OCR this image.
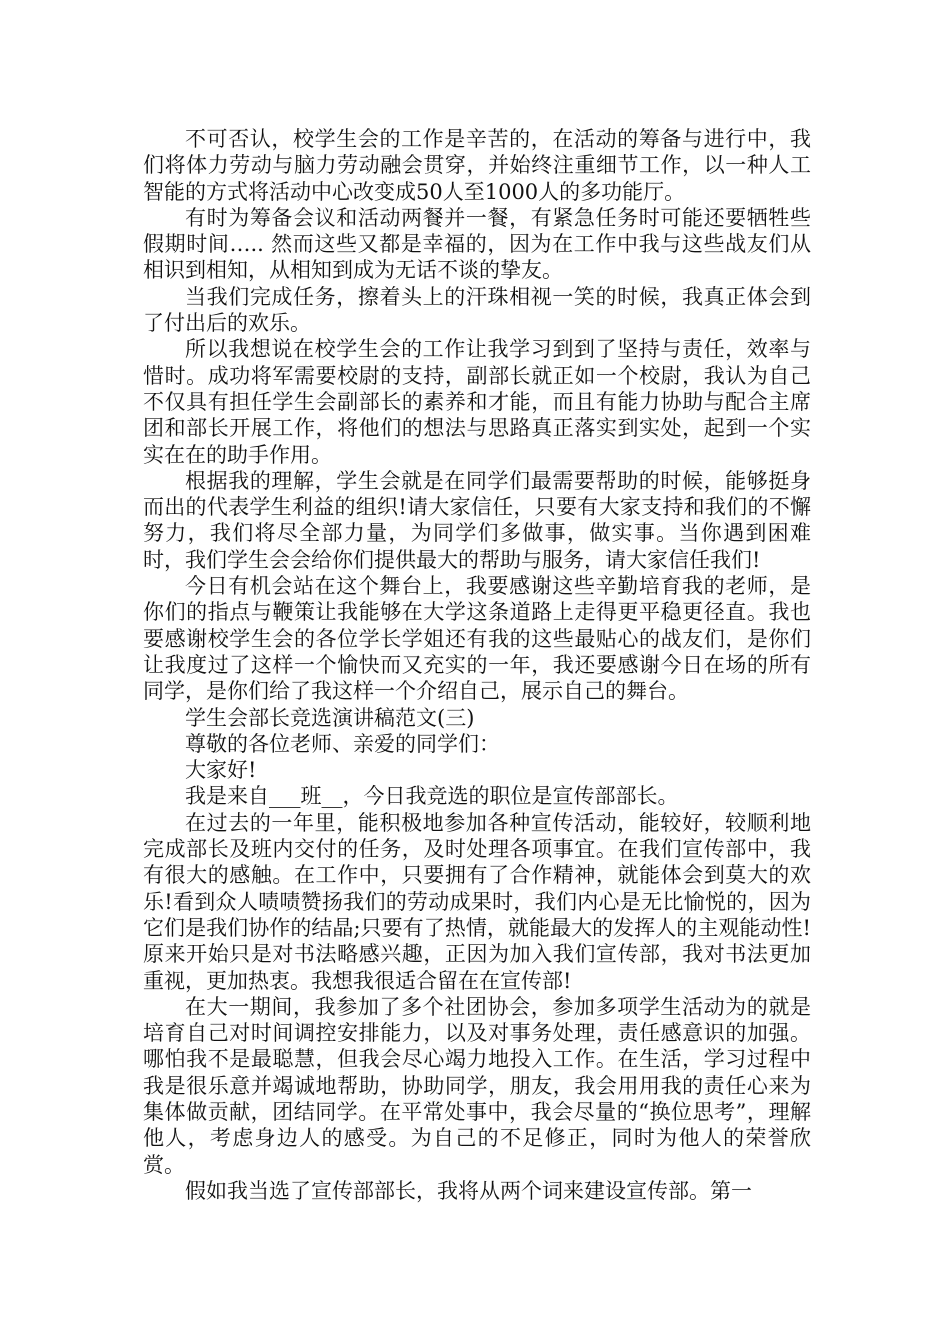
不可否认，校学生会的工作是辛苦的，在活动的筹备与进行中，我们将体力劳动与脑力劳动融会贯穿，并始终注重细节工作，以一种人工智能的方式将活动中心改变成50人至1000人的多功能厅。

有时为筹备会议和活动两餐并一餐，有紧急任务时可能还要牺牲些假期时间….. 然而这些又都是幸福的，因为在工作中我与这些战友们从相识到相知，从相知到成为无话不谈的挚友。

当我们完成任务，擦着头上的汗珠相视一笑的时候，我真正体会到了付出后的欢乐。

所以我想说在校学生会的工作让我学习到到了坚持与责任，效率与惜时。成功将军需要校尉的支持，副部长就正如一个校尉，我认为自己不仅具有担任学生会副部长的素养和才能，而且有能力协助与配合主席团和部长开展工作，将他们的想法与思路真正落实到实处，起到一个实实在在的助手作用。

根据我的理解，学生会就是在同学们最需要帮助的时候，能够挺身而出的代表学生利益的组织!请大家信任，只要有大家支持和我们的不懈努力，我们将尽全部力量，为同学们多做事，做实事。当你遇到困难时，我们学生会会给你们提供最大的帮助与服务，请大家信任我们!

今日有机会站在这个舞台上，我要感谢这些辛勤培育我的老师，是你们的指点与鞭策让我能够在大学这条道路上走得更平稳更径直。我也要感谢校学生会的各位学长学姐还有我的这些最贴心的战友们，是你们让我度过了这样一个愉快而又充实的一年，我还要感谢今日在场的所有同学，是你们给了我这样一个介绍自己，展示自己的舞台。

学生会部长竞选演讲稿范文(三)

尊敬的各位老师、亲爱的同学们：

大家好!

我是来自___班__，今日我竞选的职位是宣传部部长。

在过去的一年里，能积极地参加各种宣传活动，能较好，较顺利地完成部长及班内交付的任务，及时处理各项事宜。在我们宣传部中，我有很大的感触。在工作中，只要拥有了合作精神，就能体会到莫大的欢乐!看到众人啧啧赞扬我们的劳动成果时，我们内心是无比愉悦的，因为它们是我们协作的结晶;只要有了热情，就能最大的发挥人的主观能动性!原来开始只是对书法略感兴趣，正因为加入我们宣传部，我对书法更加重视，更加热衷。我想我很适合留在在宣传部!

在大一期间，我参加了多个社团协会，参加多项学生活动为的就是培育自己对时间调控安排能力，以及对事务处理，责任感意识的加强。哪怕我不是最聪慧，但我会尽心竭力地投入工作。在生活，学习过程中我是很乐意并竭诚地帮助，协助同学，朋友，我会用用我的责任心来为集体做贡献，团结同学。在平常处事中，我会尽量的“换位思考”，理解他人，考虑身边人的感受。为自己的不足修正，同时为他人的荣誉欣赏。

假如我当选了宣传部部长，我将从两个词来建设宣传部。第一
